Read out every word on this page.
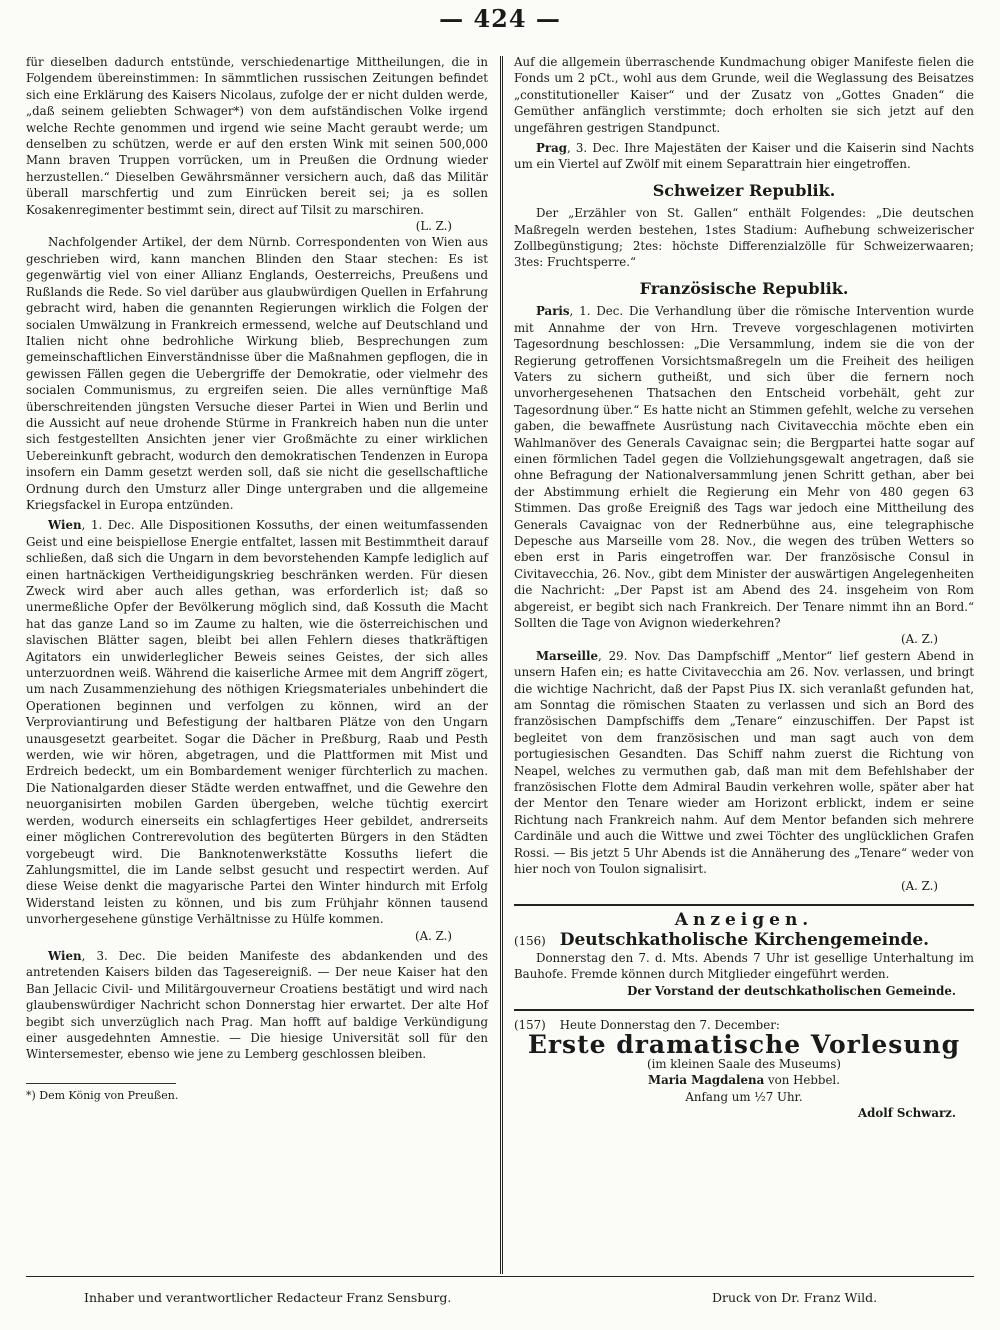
— 424 —

für dieselben dadurch entstünde, verschiedenartige Mittheilungen, die in Folgendem übereinstimmen: In sämmtlichen russischen Zeitungen befindet sich eine Erklärung des Kaisers Nicolaus, zufolge der er nicht dulden werde, „daß seinem geliebten Schwager*) von dem aufständischen Volke irgend welche Rechte genommen und irgend wie seine Macht geraubt werde; um denselben zu schützen, werde er auf den ersten Wink mit seinen 500,000 Mann braven Truppen vorrücken, um in Preußen die Ordnung wieder herzustellen.“ Dieselben Gewährsmänner versichern auch, daß das Militär überall marschfertig und zum Einrücken bereit sei; ja es sollen Kosakenregimenter bestimmt sein, direct auf Tilsit zu marschiren.

(L. Z.)

Nachfolgender Artikel, der dem Nürnb. Correspondenten von Wien aus geschrieben wird, kann manchen Blinden den Staar stechen: Es ist gegenwärtig viel von einer Allianz Englands, Oesterreichs, Preußens und Rußlands die Rede. So viel darüber aus glaubwürdigen Quellen in Erfahrung gebracht wird, haben die genannten Regierungen wirklich die Folgen der socialen Umwälzung in Frankreich ermessend, welche auf Deutschland und Italien nicht ohne bedrohliche Wirkung blieb, Besprechungen zum gemeinschaftlichen Einverständnisse über die Maßnahmen gepflogen, die in gewissen Fällen gegen die Uebergriffe der Demokratie, oder vielmehr des socialen Communismus, zu ergreifen seien. Die alles vernünftige Maß überschreitenden jüngsten Versuche dieser Partei in Wien und Berlin und die Aussicht auf neue drohende Stürme in Frankreich haben nun die unter sich festgestellten Ansichten jener vier Großmächte zu einer wirklichen Uebereinkunft gebracht, wodurch den demokratischen Tendenzen in Europa insofern ein Damm gesetzt werden soll, daß sie nicht die gesellschaftliche Ordnung durch den Umsturz aller Dinge untergraben und die allgemeine Kriegsfackel in Europa entzünden.

Wien, 1. Dec. Alle Dispositionen Kossuths, der einen weitumfassenden Geist und eine beispiellose Energie entfaltet, lassen mit Bestimmtheit darauf schließen, daß sich die Ungarn in dem bevorstehenden Kampfe lediglich auf einen hartnäckigen Vertheidigungskrieg beschränken werden. Für diesen Zweck wird aber auch alles gethan, was erforderlich ist; daß so unermeßliche Opfer der Bevölkerung möglich sind, daß Kossuth die Macht hat das ganze Land so im Zaume zu halten, wie die österreichischen und slavischen Blätter sagen, bleibt bei allen Fehlern dieses thatkräftigen Agitators ein unwiderleglicher Beweis seines Geistes, der sich alles unterzuordnen weiß. Während die kaiserliche Armee mit dem Angriff zögert, um nach Zusammenziehung des nöthigen Kriegsmateriales unbehindert die Operationen beginnen und verfolgen zu können, wird an der Verproviantirung und Befestigung der haltbaren Plätze von den Ungarn unausgesetzt gearbeitet. Sogar die Dächer in Preßburg, Raab und Pesth werden, wie wir hören, abgetragen, und die Plattformen mit Mist und Erdreich bedeckt, um ein Bombardement weniger fürchterlich zu machen. Die Nationalgarden dieser Städte werden entwaffnet, und die Gewehre den neuorganisirten mobilen Garden übergeben, welche tüchtig exercirt werden, wodurch einerseits ein schlagfertiges Heer gebildet, andrerseits einer möglichen Contrerevolution des begüterten Bürgers in den Städten vorgebeugt wird. Die Banknotenwerkstätte Kossuths liefert die Zahlungsmittel, die im Lande selbst gesucht und respectirt werden. Auf diese Weise denkt die magyarische Partei den Winter hindurch mit Erfolg Widerstand leisten zu können, und bis zum Frühjahr können tausend unvorhergesehene günstige Verhältnisse zu Hülfe kommen.

(A. Z.)

Wien, 3. Dec. Die beiden Manifeste des abdankenden und des antretenden Kaisers bilden das Tagesereigniß. — Der neue Kaiser hat den Ban Jellacic Civil- und Militärgouverneur Croatiens bestätigt und wird nach glaubenswürdiger Nachricht schon Donnerstag hier erwartet. Der alte Hof begibt sich unverzüglich nach Prag. Man hofft auf baldige Verkündigung einer ausgedehnten Amnestie. — Die hiesige Universität soll für den Wintersemester, ebenso wie jene zu Lemberg geschlossen bleiben.

*) Dem König von Preußen.

Auf die allgemein überraschende Kundmachung obiger Manifeste fielen die Fonds um 2 pCt., wohl aus dem Grunde, weil die Weglassung des Beisatzes „constitutioneller Kaiser“ und der Zusatz von „Gottes Gnaden“ die Gemüther anfänglich verstimmte; doch erholten sie sich jetzt auf den ungefähren gestrigen Standpunct.

Prag, 3. Dec. Ihre Majestäten der Kaiser und die Kaiserin sind Nachts um ein Viertel auf Zwölf mit einem Separattrain hier eingetroffen.

Schweizer Republik.

Der „Erzähler von St. Gallen“ enthält Folgendes: „Die deutschen Maßregeln werden bestehen, 1stes Stadium: Aufhebung schweizerischer Zollbegünstigung; 2tes: höchste Differenzialzölle für Schweizerwaaren; 3tes: Fruchtsperre.“

Französische Republik.

Paris, 1. Dec. Die Verhandlung über die römische Intervention wurde mit Annahme der von Hrn. Treveve vorgeschlagenen motivirten Tagesordnung beschlossen: „Die Versammlung, indem sie die von der Regierung getroffenen Vorsichtsmaßregeln um die Freiheit des heiligen Vaters zu sichern gutheißt, und sich über die fernern noch unvorhergesehenen Thatsachen den Entscheid vorbehält, geht zur Tagesordnung über.“ Es hatte nicht an Stimmen gefehlt, welche zu versehen gaben, die bewaffnete Ausrüstung nach Civitavecchia möchte eben ein Wahlmanöver des Generals Cavaignac sein; die Bergpartei hatte sogar auf einen förmlichen Tadel gegen die Vollziehungsgewalt angetragen, daß sie ohne Befragung der Nationalversammlung jenen Schritt gethan, aber bei der Abstimmung erhielt die Regierung ein Mehr von 480 gegen 63 Stimmen. Das große Ereigniß des Tags war jedoch eine Mittheilung des Generals Cavaignac von der Rednerbühne aus, eine telegraphische Depesche aus Marseille vom 28. Nov., die wegen des trüben Wetters so eben erst in Paris eingetroffen war. Der französische Consul in Civitavecchia, 26. Nov., gibt dem Minister der auswärtigen Angelegenheiten die Nachricht: „Der Papst ist am Abend des 24. insgeheim von Rom abgereist, er begibt sich nach Frankreich. Der Tenare nimmt ihn an Bord.“ Sollten die Tage von Avignon wiederkehren?

(A. Z.)

Marseille, 29. Nov. Das Dampfschiff „Mentor“ lief gestern Abend in unsern Hafen ein; es hatte Civitavecchia am 26. Nov. verlassen, und bringt die wichtige Nachricht, daß der Papst Pius IX. sich veranlaßt gefunden hat, am Sonntag die römischen Staaten zu verlassen und sich an Bord des französischen Dampfschiffs dem „Tenare“ einzuschiffen. Der Papst ist begleitet von dem französischen und man sagt auch von dem portugiesischen Gesandten. Das Schiff nahm zuerst die Richtung von Neapel, welches zu vermuthen gab, daß man mit dem Befehlshaber der französischen Flotte dem Admiral Baudin verkehren wolle, später aber hat der Mentor den Tenare wieder am Horizont erblickt, indem er seine Richtung nach Frankreich nahm. Auf dem Mentor befanden sich mehrere Cardinäle und auch die Wittwe und zwei Töchter des unglücklichen Grafen Rossi. — Bis jetzt 5 Uhr Abends ist die Annäherung des „Tenare“ weder von hier noch von Toulon signalisirt.

(A. Z.)
Anzeigen.
(156) Deutschkatholische Kirchengemeinde.

Donnerstag den 7. d. Mts. Abends 7 Uhr ist gesellige Unterhaltung im Bauhofe. Fremde können durch Mitglieder eingeführt werden.

Der Vorstand der deutschkatholischen Gemeinde.
(157) Heute Donnerstag den 7. December:
Erste dramatische Vorlesung
(im kleinen Saale des Museums)
Maria Magdalena von Hebbel.
Anfang um ½7 Uhr.
Adolf Schwarz.
Inhaber und verantwortlicher Redacteur Franz Sensburg.	Druck von Dr. Franz Wild.
